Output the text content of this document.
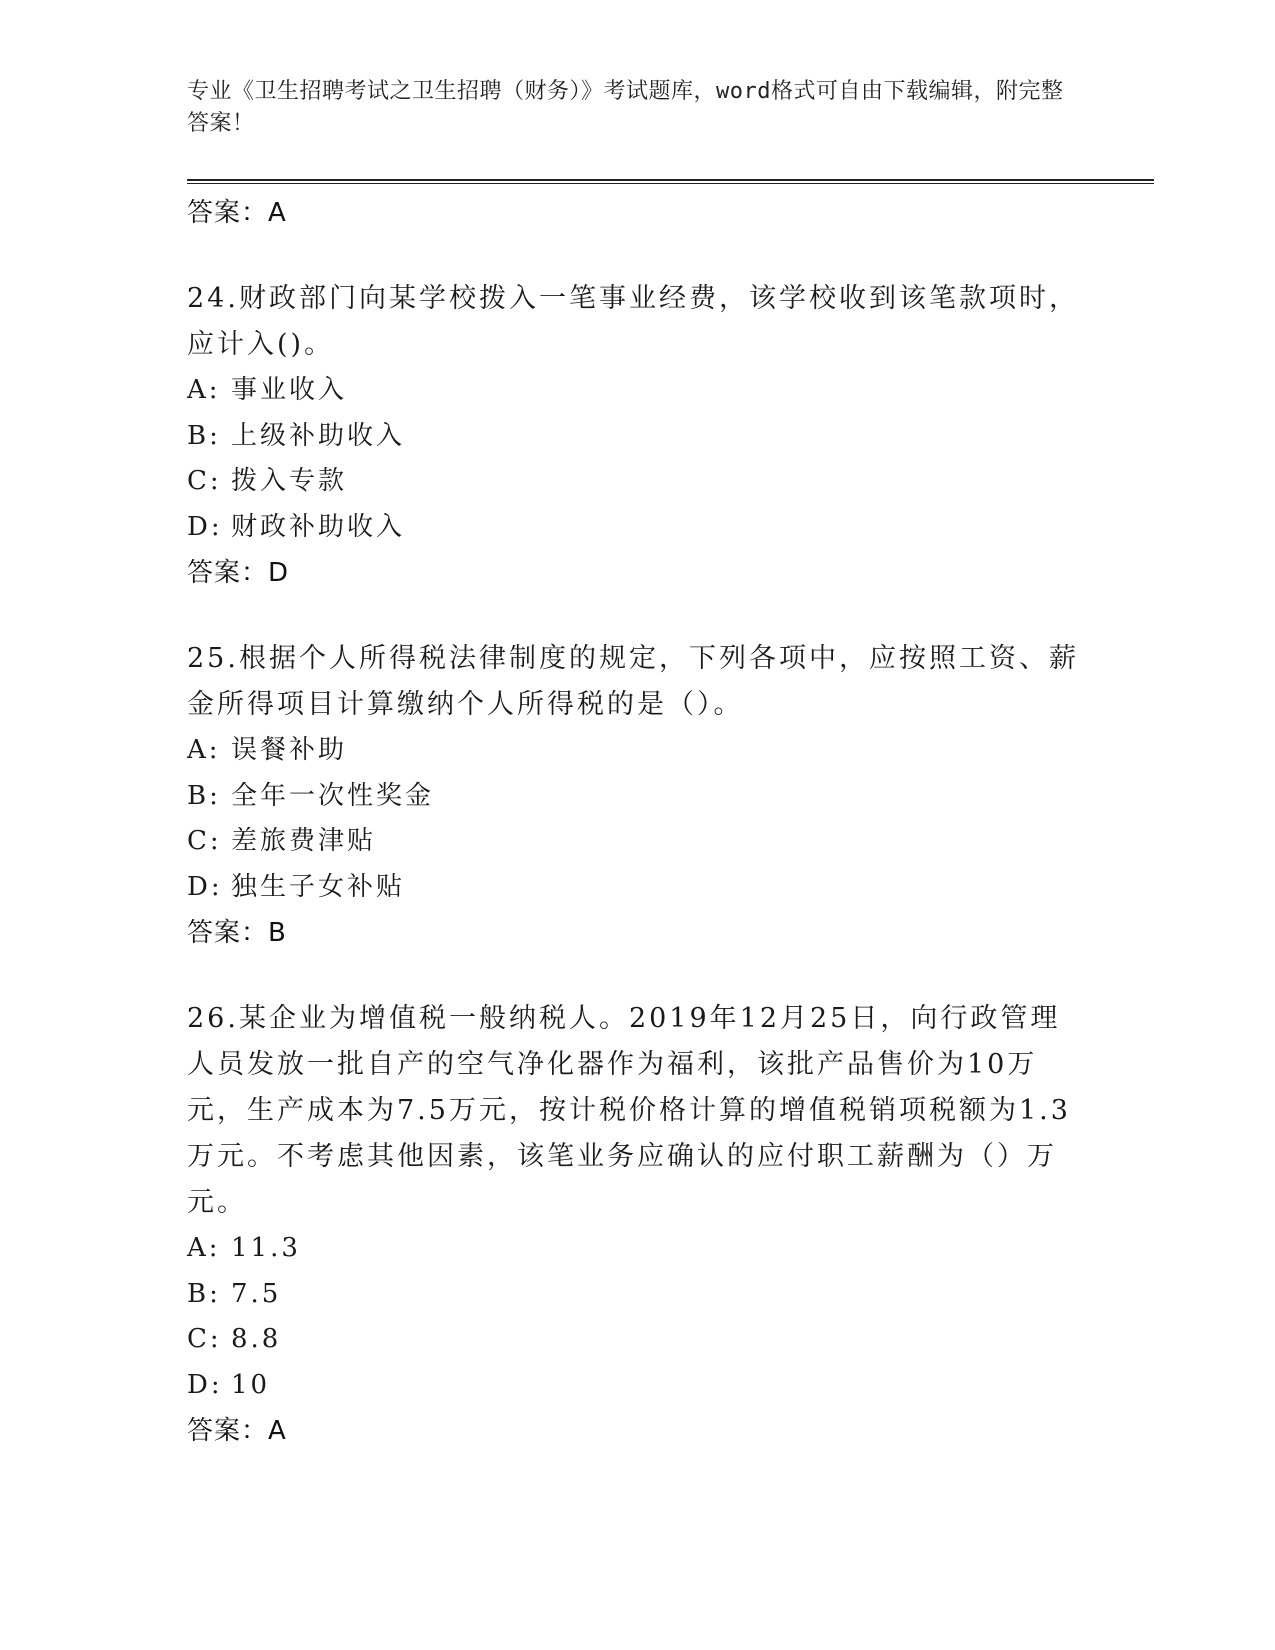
专业《卫生招聘考试之卫生招聘（财务）》考试题库，word格式可自由下载编辑，附完整答案！

答案：A

24.财政部门向某学校拨入一笔事业经费，该学校收到该笔款项时，应计入()。

A: 事业收入

B: 上级补助收入

C: 拨入专款

D: 财政补助收入

答案：D

25.根据个人所得税法律制度的规定，下列各项中，应按照工资、薪金所得项目计算缴纳个人所得税的是（）。

A: 误餐补助

B: 全年一次性奖金

C: 差旅费津贴

D: 独生子女补贴

答案：B

26.某企业为增值税一般纳税人。2019年12月25日，向行政管理人员发放一批自产的空气净化器作为福利，该批产品售价为10万元，生产成本为7.5万元，按计税价格计算的增值税销项税额为1.3万元。不考虑其他因素，该笔业务应确认的应付职工薪酬为（）万元。

A: 11.3

B: 7.5

C: 8.8

D: 10

答案：A
